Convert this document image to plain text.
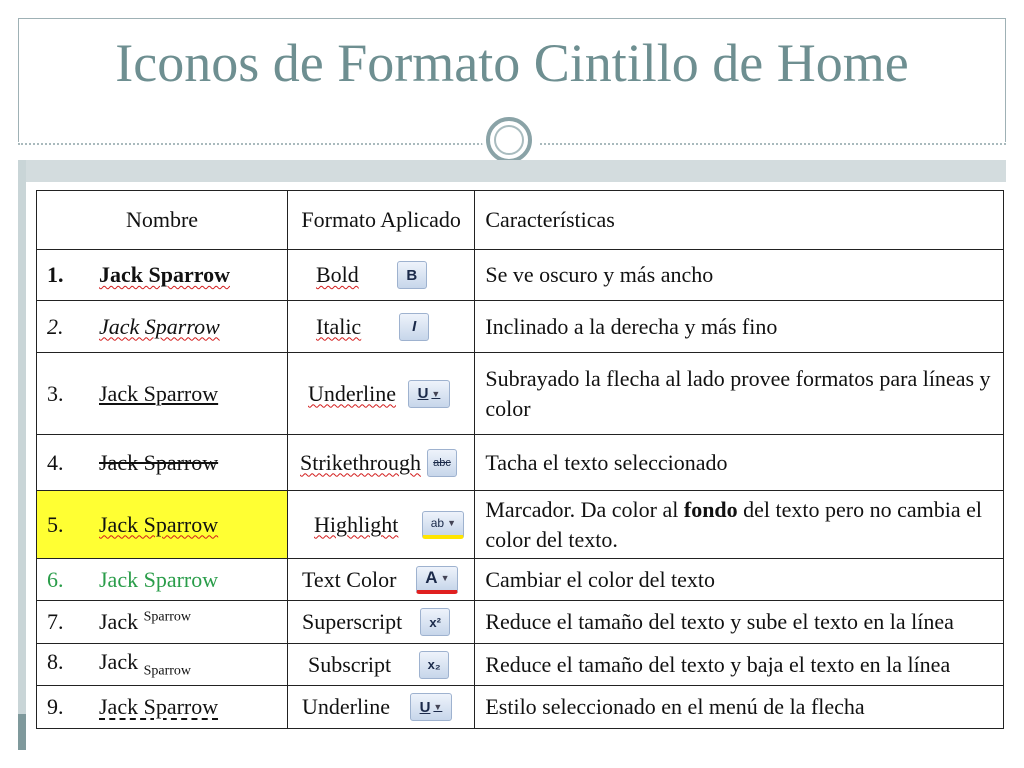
Iconos de Formato Cintillo de Home
Nombre	Formato Aplicado	Características
1. Jack Sparrow	Bold B	Se ve oscuro y más ancho
2. Jack Sparrow	Italic I	Inclinado a la derecha y más fino
3. Jack Sparrow	Underline U ▼	Subrayado la flecha al lado provee formatos para líneas y color
4. Jack Sparrow	Strikethrough abc	Tacha el texto seleccionado
5. Jack Sparrow	Highlight ab ▼	Marcador. Da color al fondo del texto pero no cambia el color del texto.
6. Jack Sparrow	Text Color A ▼	Cambiar el color del texto
7. Jack $^{Sparrow}$	Superscript x²	Reduce el tamaño del texto y sube el texto en la línea
8. Jack $_{Sparrow}$	Subscript x₂	Reduce el tamaño del texto y baja el texto en la línea
9. Jack Sparrow	Underline U ▼	Estilo seleccionado en el menú de la flecha
